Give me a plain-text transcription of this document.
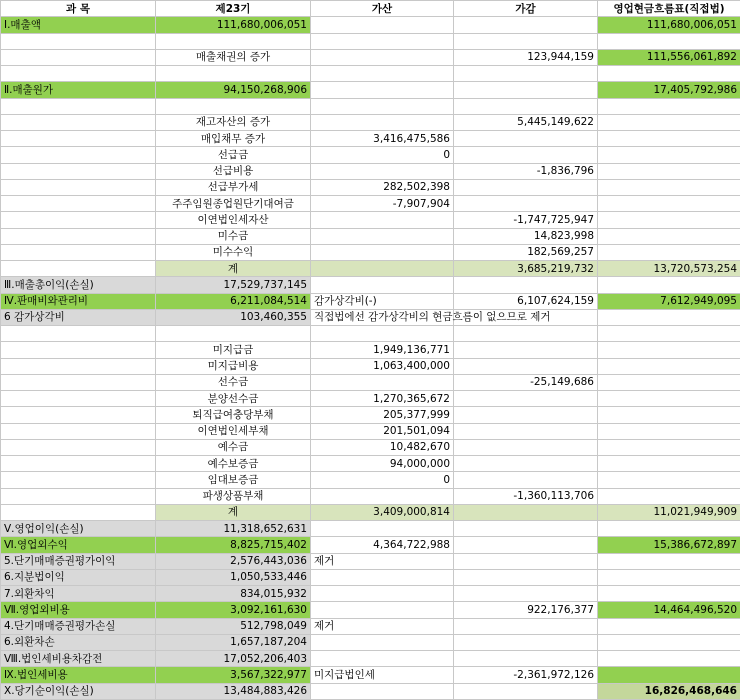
과 목	제23기	가산	가감	영업현금흐름표(직접법)
Ⅰ.매출액	111,680,006,051			111,680,006,051

	매출채권의 증가		123,944,159	111,556,061,892

Ⅱ.매출원가	94,150,268,906			17,405,792,986

	재고자산의 증가		5,445,149,622	
	매입채무 증가	3,416,475,586		
	선급금	0		
	선급비용		-1,836,796	
	선급부가세	282,502,398		
	주주임원종업원단기대여금	-7,907,904		
	이연법인세자산		-1,747,725,947	
	미수금		14,823,998	
	미수수익		182,569,257	
	계		3,685,219,732	13,720,573,254
Ⅲ.매출총이익(손실)	17,529,737,145			
Ⅳ.판매비와관리비	6,211,084,514	감가상각비(-)	6,107,624,159	7,612,949,095
6 감가상각비	103,460,355	직접법에선 감가상각비의 현금흐름이 없으므로 제거		

	미지급금	1,949,136,771		
	미지급비용	1,063,400,000		
	선수금		-25,149,686	
	분양선수금	1,270,365,672		
	퇴직급여충당부채	205,377,999		
	이연법인세부채	201,501,094		
	예수금	10,482,670		
	예수보증금	94,000,000		
	임대보증금	0		
	파생상품부채		-1,360,113,706	
	계	3,409,000,814		11,021,949,909
Ⅴ.영업이익(손실)	11,318,652,631			
Ⅵ.영업외수익	8,825,715,402	4,364,722,988		15,386,672,897
5.단기매매증권평가이익	2,576,443,036	제거		
6.지분법이익	1,050,533,446			
7.외환차익	834,015,932			
Ⅶ.영업외비용	3,092,161,630		922,176,377	14,464,496,520
4.단기매매증권평가손실	512,798,049	제거		
6.외환차손	1,657,187,204			
Ⅷ.법인세비용차감전	17,052,206,403			
Ⅸ.법인세비용	3,567,322,977	미지급법인세	-2,361,972,126	
Ⅹ.당기순이익(손실)	13,484,883,426			16,826,468,646
